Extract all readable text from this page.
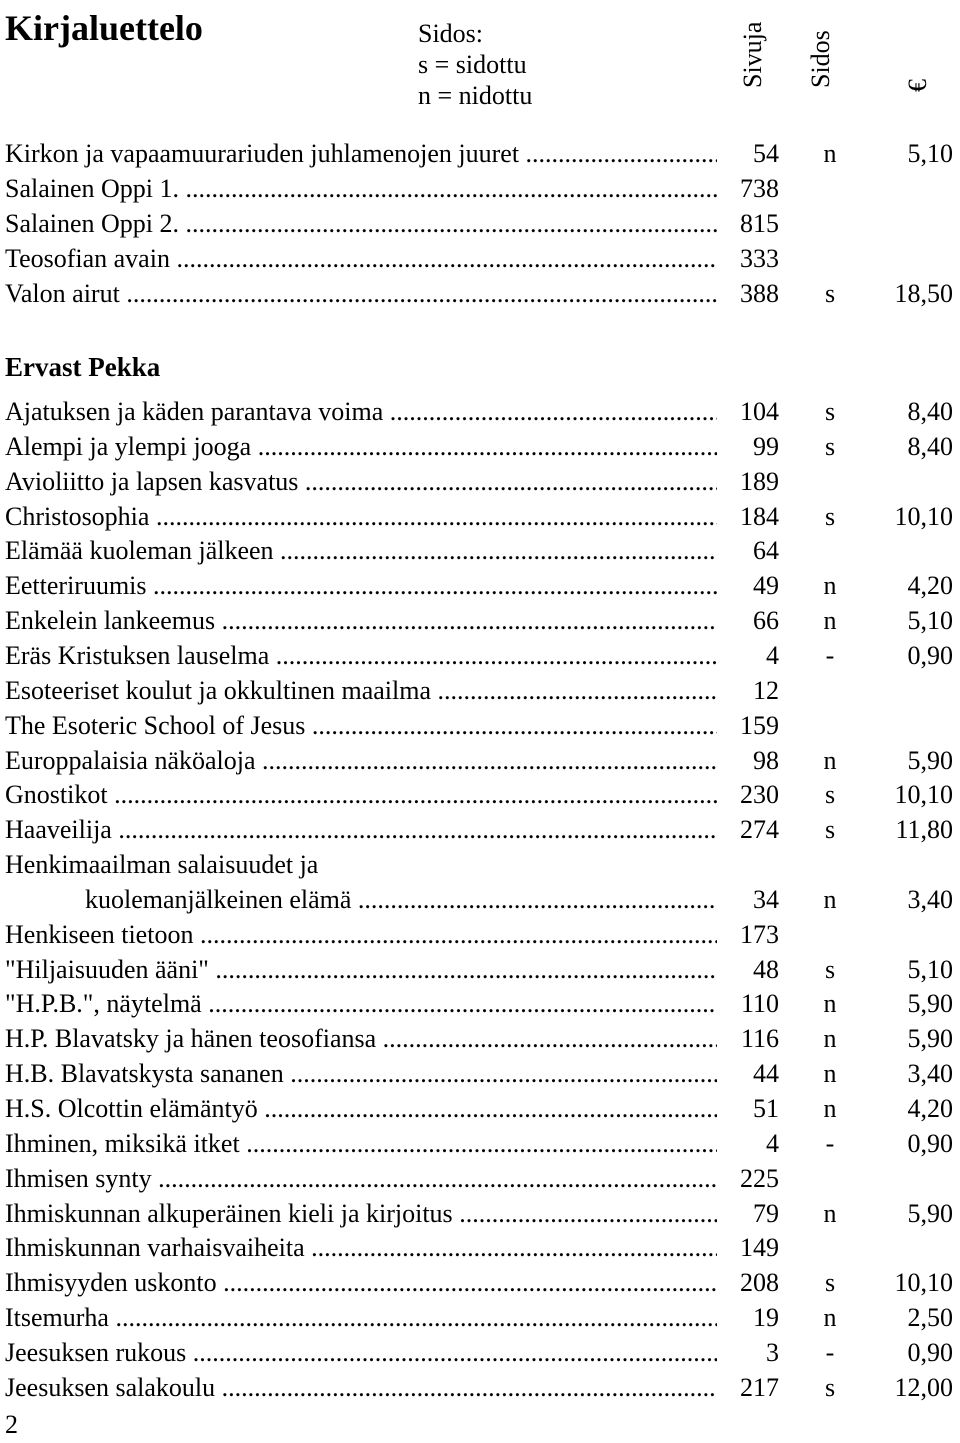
Kirjaluettelo	Sidos:
s = sidottu
n = nidottu
Sivuja Sidos	€
Kirkon ja vapaamuurariuden juhlamenojen juuret .....	54	n	5,10
Salainen Oppi 1. .....	738
Salainen Oppi 2. .....	815
Teosofian avain .....	333
Valon airut .....	388	s	18,50
Ervast Pekka
Ajatuksen ja käden parantava voima .....	104	s	8,40
Alempi ja ylempi jooga .....	99	s	8,40
Avioliitto ja lapsen kasvatus .....	189
Christosophia .....	184	s	10,10
Elämää kuoleman jälkeen .....	64
Eetteriruumis .....	49	n	4,20
Enkelein lankeemus .....	66	n	5,10
Eräs Kristuksen lauselma .....	4	-	0,90
Esoteeriset koulut ja okkultinen maailma .....	12
The Esoteric School of Jesus .....	159
Europpalaisia näköaloja .....	98	n	5,90
Gnostikot .....	230	s	10,10
Haaveilija .....	274	s	11,80
Henkimaailman salaisuudet ja
kuolemanjälkeinen elämä .....	34	n	3,40
Henkiseen tietoon .....	173
"Hiljaisuuden ääni" .....	48	s	5,10
"H.P.B.", näytelmä .....	110	n	5,90
H.P. Blavatsky ja hänen teosofiansa .....	116	n	5,90
H.B. Blavatskysta sananen .....	44	n	3,40
H.S. Olcottin elämäntyö .....	51	n	4,20
Ihminen, miksikä itket .....	4	-	0,90
Ihmisen synty .....	225
Ihmiskunnan alkuperäinen kieli ja kirjoitus .....	79	n	5,90
Ihmiskunnan varhaisvaiheita .....	149
Ihmisyyden uskonto .....	208	s	10,10
Itsemurha .....	19	n	2,50
Jeesuksen rukous .....	3	-	0,90
Jeesuksen salakoulu .....	217	s	12,00
2
